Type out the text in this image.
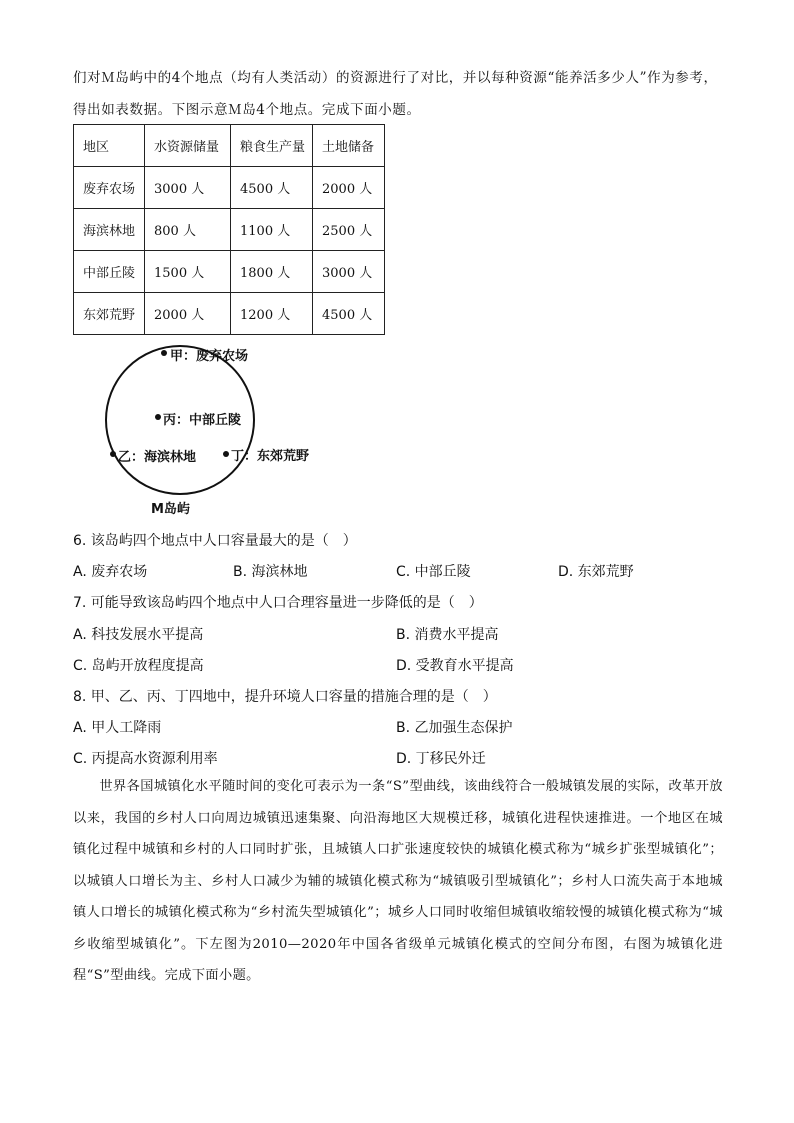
们对Ｍ岛屿中的4个地点（均有人类活动）的资源进行了对比，并以每种资源“能养活多少人”作为参考，
得出如表数据。下图示意Ｍ岛4个地点。完成下面小题。
地区	水资源储量	粮食生产量	土地储备
废弃农场	3000 人	4500 人	2000 人
海滨林地	800 人	1100 人	2500 人
中部丘陵	1500 人	1800 人	3000 人
东郊荒野	2000 人	1200 人	4500 人
甲：废弃农场
丙：中部丘陵
乙：海滨林地	丁：东郊荒野
M岛屿
6. 该岛屿四个地点中人口容量最大的是（　）
A. 废弃农场	B. 海滨林地	C. 中部丘陵	D. 东郊荒野
7. 可能导致该岛屿四个地点中人口合理容量进一步降低的是（　）
A. 科技发展水平提高	B. 消费水平提高
C. 岛屿开放程度提高	D. 受教育水平提高
8. 甲、乙、丙、丁四地中，提升环境人口容量的措施合理的是（　）
A. 甲人工降雨	B. 乙加强生态保护
C. 丙提高水资源利用率	D. 丁移民外迁
世界各国城镇化水平随时间的变化可表示为一条“S”型曲线，该曲线符合一般城镇发展的实际，改革开放以来，我国的乡村人口向周边城镇迅速集聚、向沿海地区大规模迁移，城镇化进程快速推进。一个地区在城镇化过程中城镇和乡村的人口同时扩张，且城镇人口扩张速度较快的城镇化模式称为“城乡扩张型城镇化”；以城镇人口增长为主、乡村人口减少为辅的城镇化模式称为“城镇吸引型城镇化”；乡村人口流失高于本地城镇人口增长的城镇化模式称为“乡村流失型城镇化”；城乡人口同时收缩但城镇收缩较慢的城镇化模式称为“城乡收缩型城镇化”。下左图为2010—2020年中国各省级单元城镇化模式的空间分布图，右图为城镇化进程“S”型曲线。完成下面小题。
